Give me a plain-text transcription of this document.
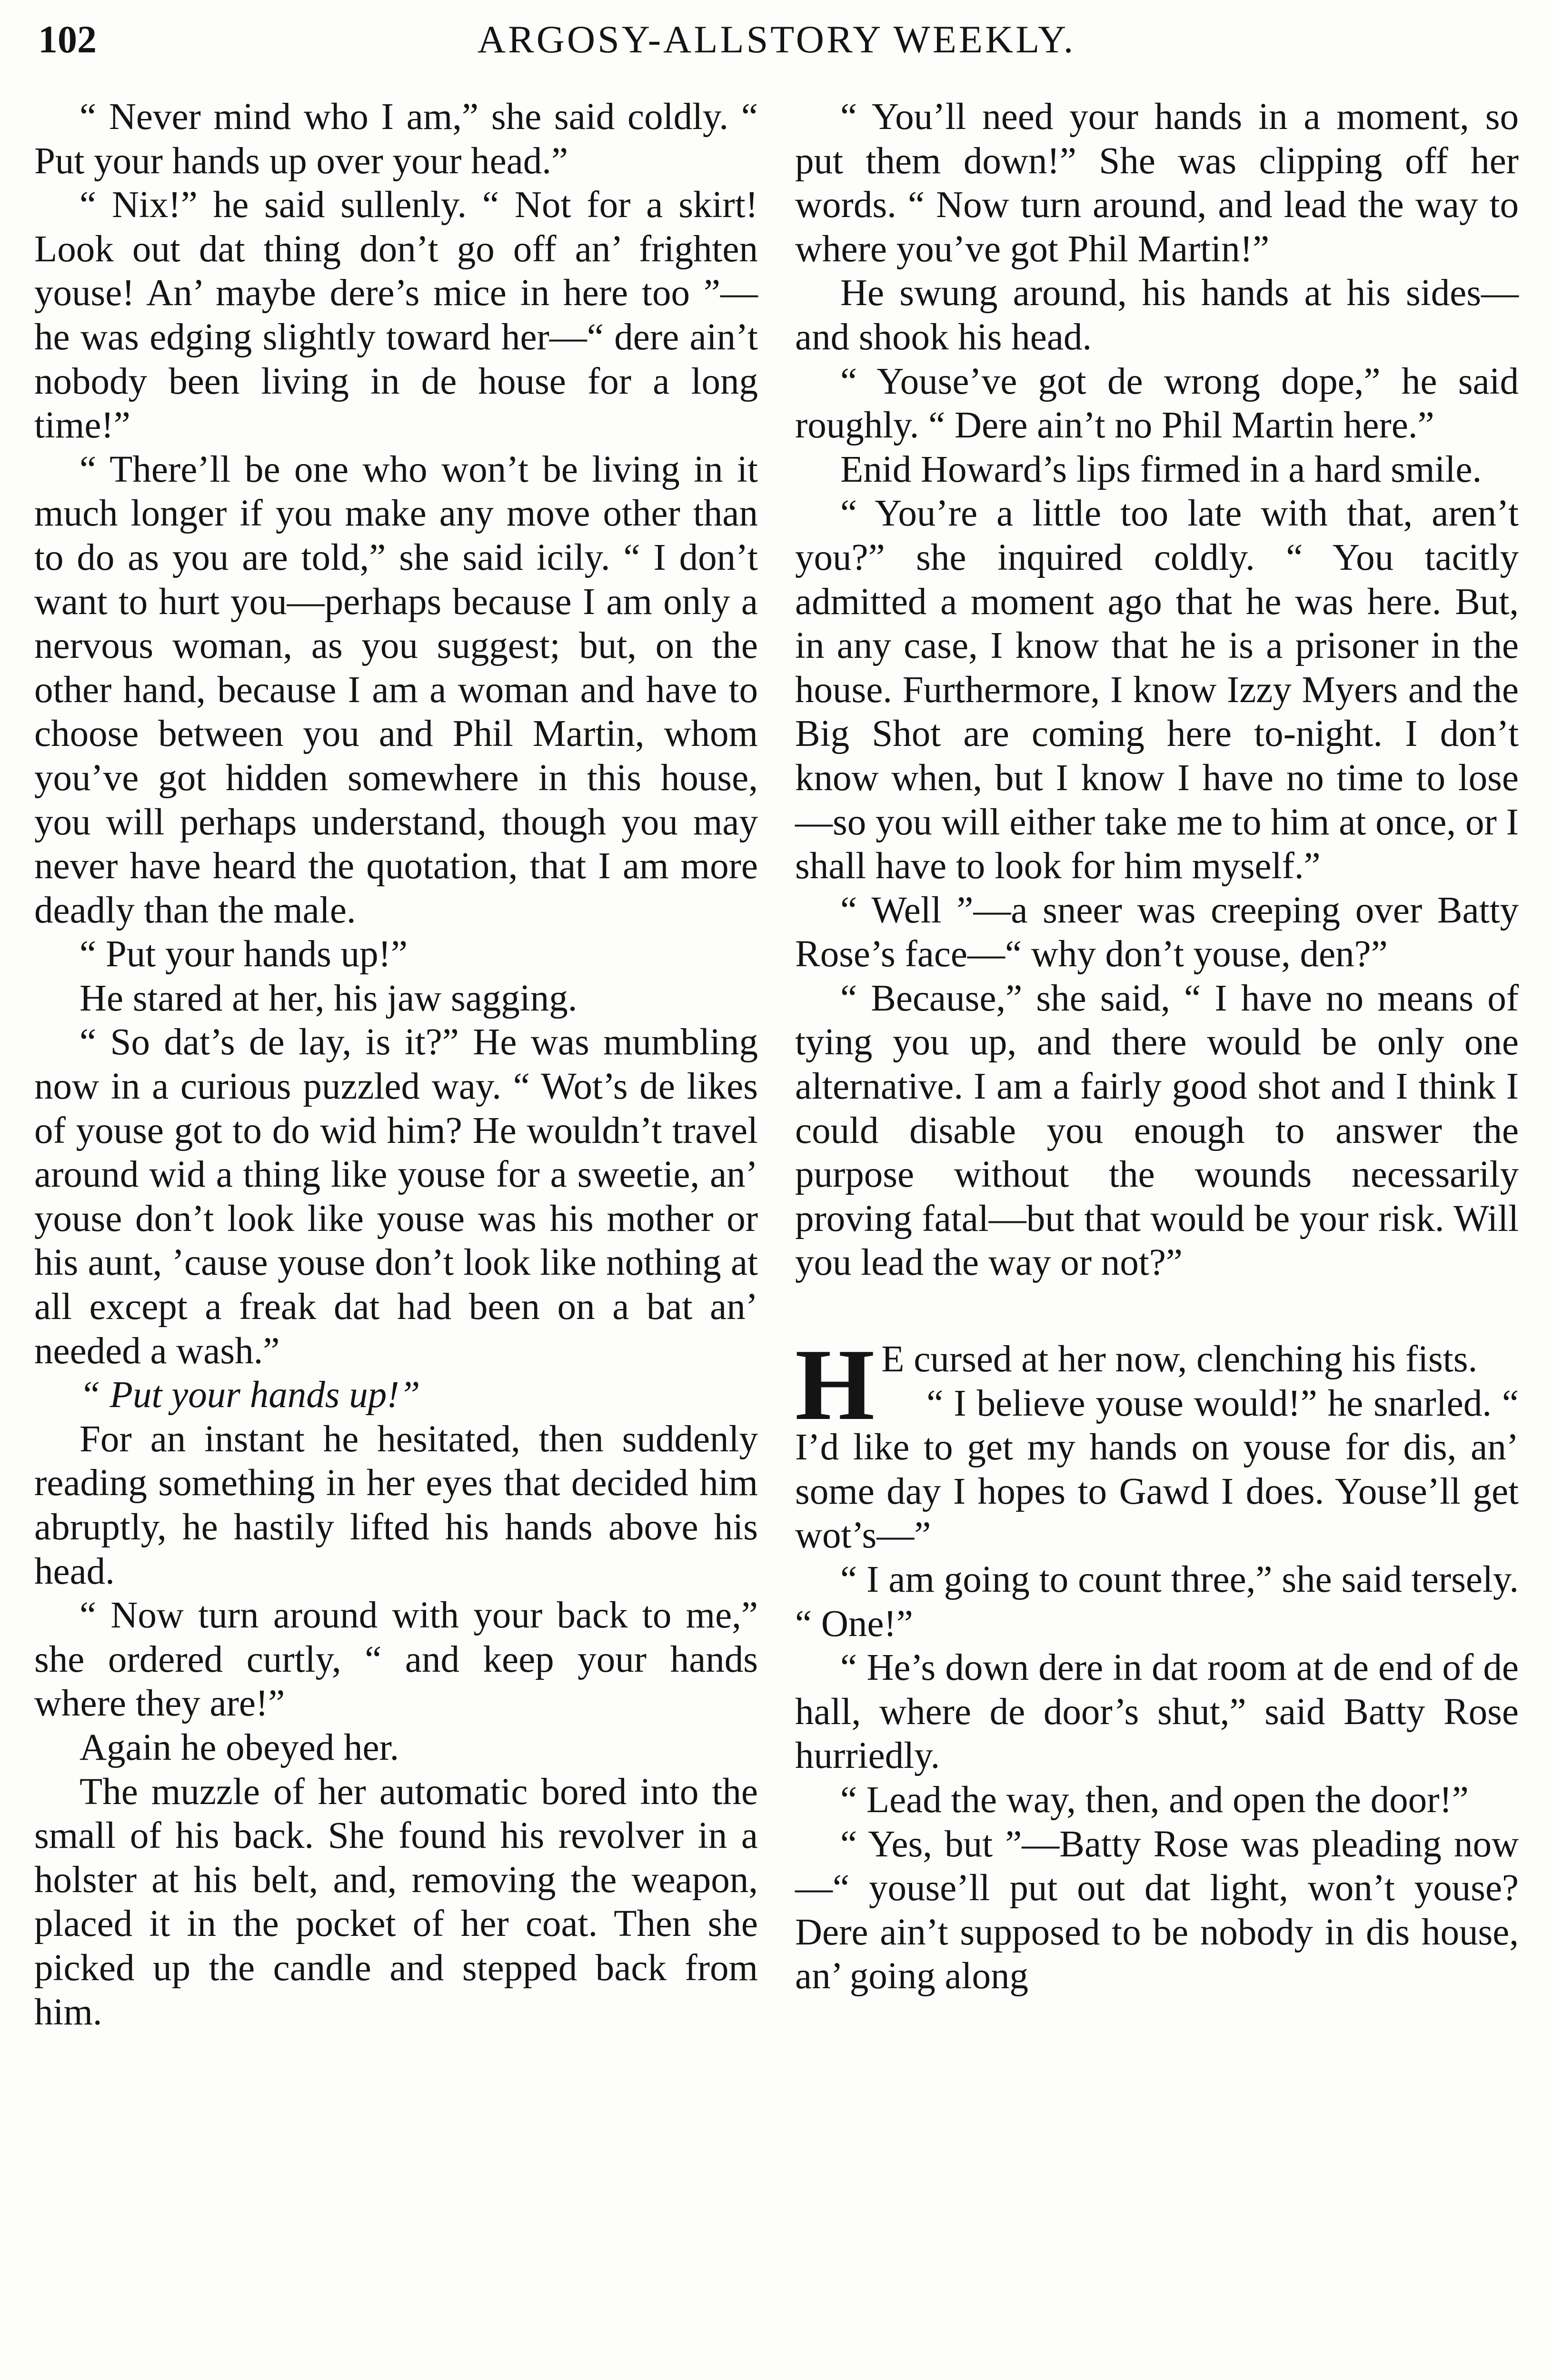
102	ARGOSY-ALLSTORY WEEKLY.

“ Never mind who I am,” she said coldly. “ Put your hands up over your head.”

“ Nix!” he said sullenly. “ Not for a skirt! Look out dat thing don’t go off an’ frighten youse! An’ maybe dere’s mice in here too ”—he was edging slightly toward her—“ dere ain’t nobody been living in de house for a long time!”

“ There’ll be one who won’t be living in it much longer if you make any move other than to do as you are told,” she said icily. “ I don’t want to hurt you—perhaps because I am only a nervous woman, as you suggest; but, on the other hand, because I am a woman and have to choose between you and Phil Martin, whom you’ve got hidden somewhere in this house, you will perhaps understand, though you may never have heard the quotation, that I am more deadly than the male.

“ Put your hands up!”

He stared at her, his jaw sagging.

“ So dat’s de lay, is it?” He was mumbling now in a curious puzzled way. “ Wot’s de likes of youse got to do wid him? He wouldn’t travel around wid a thing like youse for a sweetie, an’ youse don’t look like youse was his mother or his aunt, ’cause youse don’t look like nothing at all except a freak dat had been on a bat an’ needed a wash.”

“ Put your hands up!”

For an instant he hesitated, then suddenly reading something in her eyes that decided him abruptly, he hastily lifted his hands above his head.

“ Now turn around with your back to me,” she ordered curtly, “ and keep your hands where they are!”

Again he obeyed her.

The muzzle of her automatic bored into the small of his back. She found his revolver in a holster at his belt, and, removing the weapon, placed it in the pocket of her coat. Then she picked up the candle and stepped back from him.

“ You’ll need your hands in a moment, so put them down!” She was clipping off her words. “ Now turn around, and lead the way to where you’ve got Phil Martin!”

He swung around, his hands at his sides—and shook his head.

“ Youse’ve got de wrong dope,” he said roughly. “ Dere ain’t no Phil Martin here.”

Enid Howard’s lips firmed in a hard smile.

“ You’re a little too late with that, aren’t you?” she inquired coldly. “ You tacitly admitted a moment ago that he was here. But, in any case, I know that he is a prisoner in the house. Furthermore, I know Izzy Myers and the Big Shot are coming here to-night. I don’t know when, but I know I have no time to lose—so you will either take me to him at once, or I shall have to look for him myself.”

“ Well ”—a sneer was creeping over Batty Rose’s face—“ why don’t youse, den?”

“ Because,” she said, “ I have no means of tying you up, and there would be only one alternative. I am a fairly good shot and I think I could disable you enough to answer the purpose without the wounds necessarily proving fatal—but that would be your risk. Will you lead the way or not?”

H E cursed at her now, clenching his fists.

“ I believe youse would!” he snarled. “ I’d like to get my hands on youse for dis, an’ some day I hopes to Gawd I does. Youse’ll get wot’s—”

“ I am going to count three,” she said tersely. “ One!”

“ He’s down dere in dat room at de end of de hall, where de door’s shut,” said Batty Rose hurriedly.

“ Lead the way, then, and open the door!”

“ Yes, but ”—Batty Rose was pleading now—“ youse’ll put out dat light, won’t youse? Dere ain’t supposed to be nobody in dis house, an’ going along
